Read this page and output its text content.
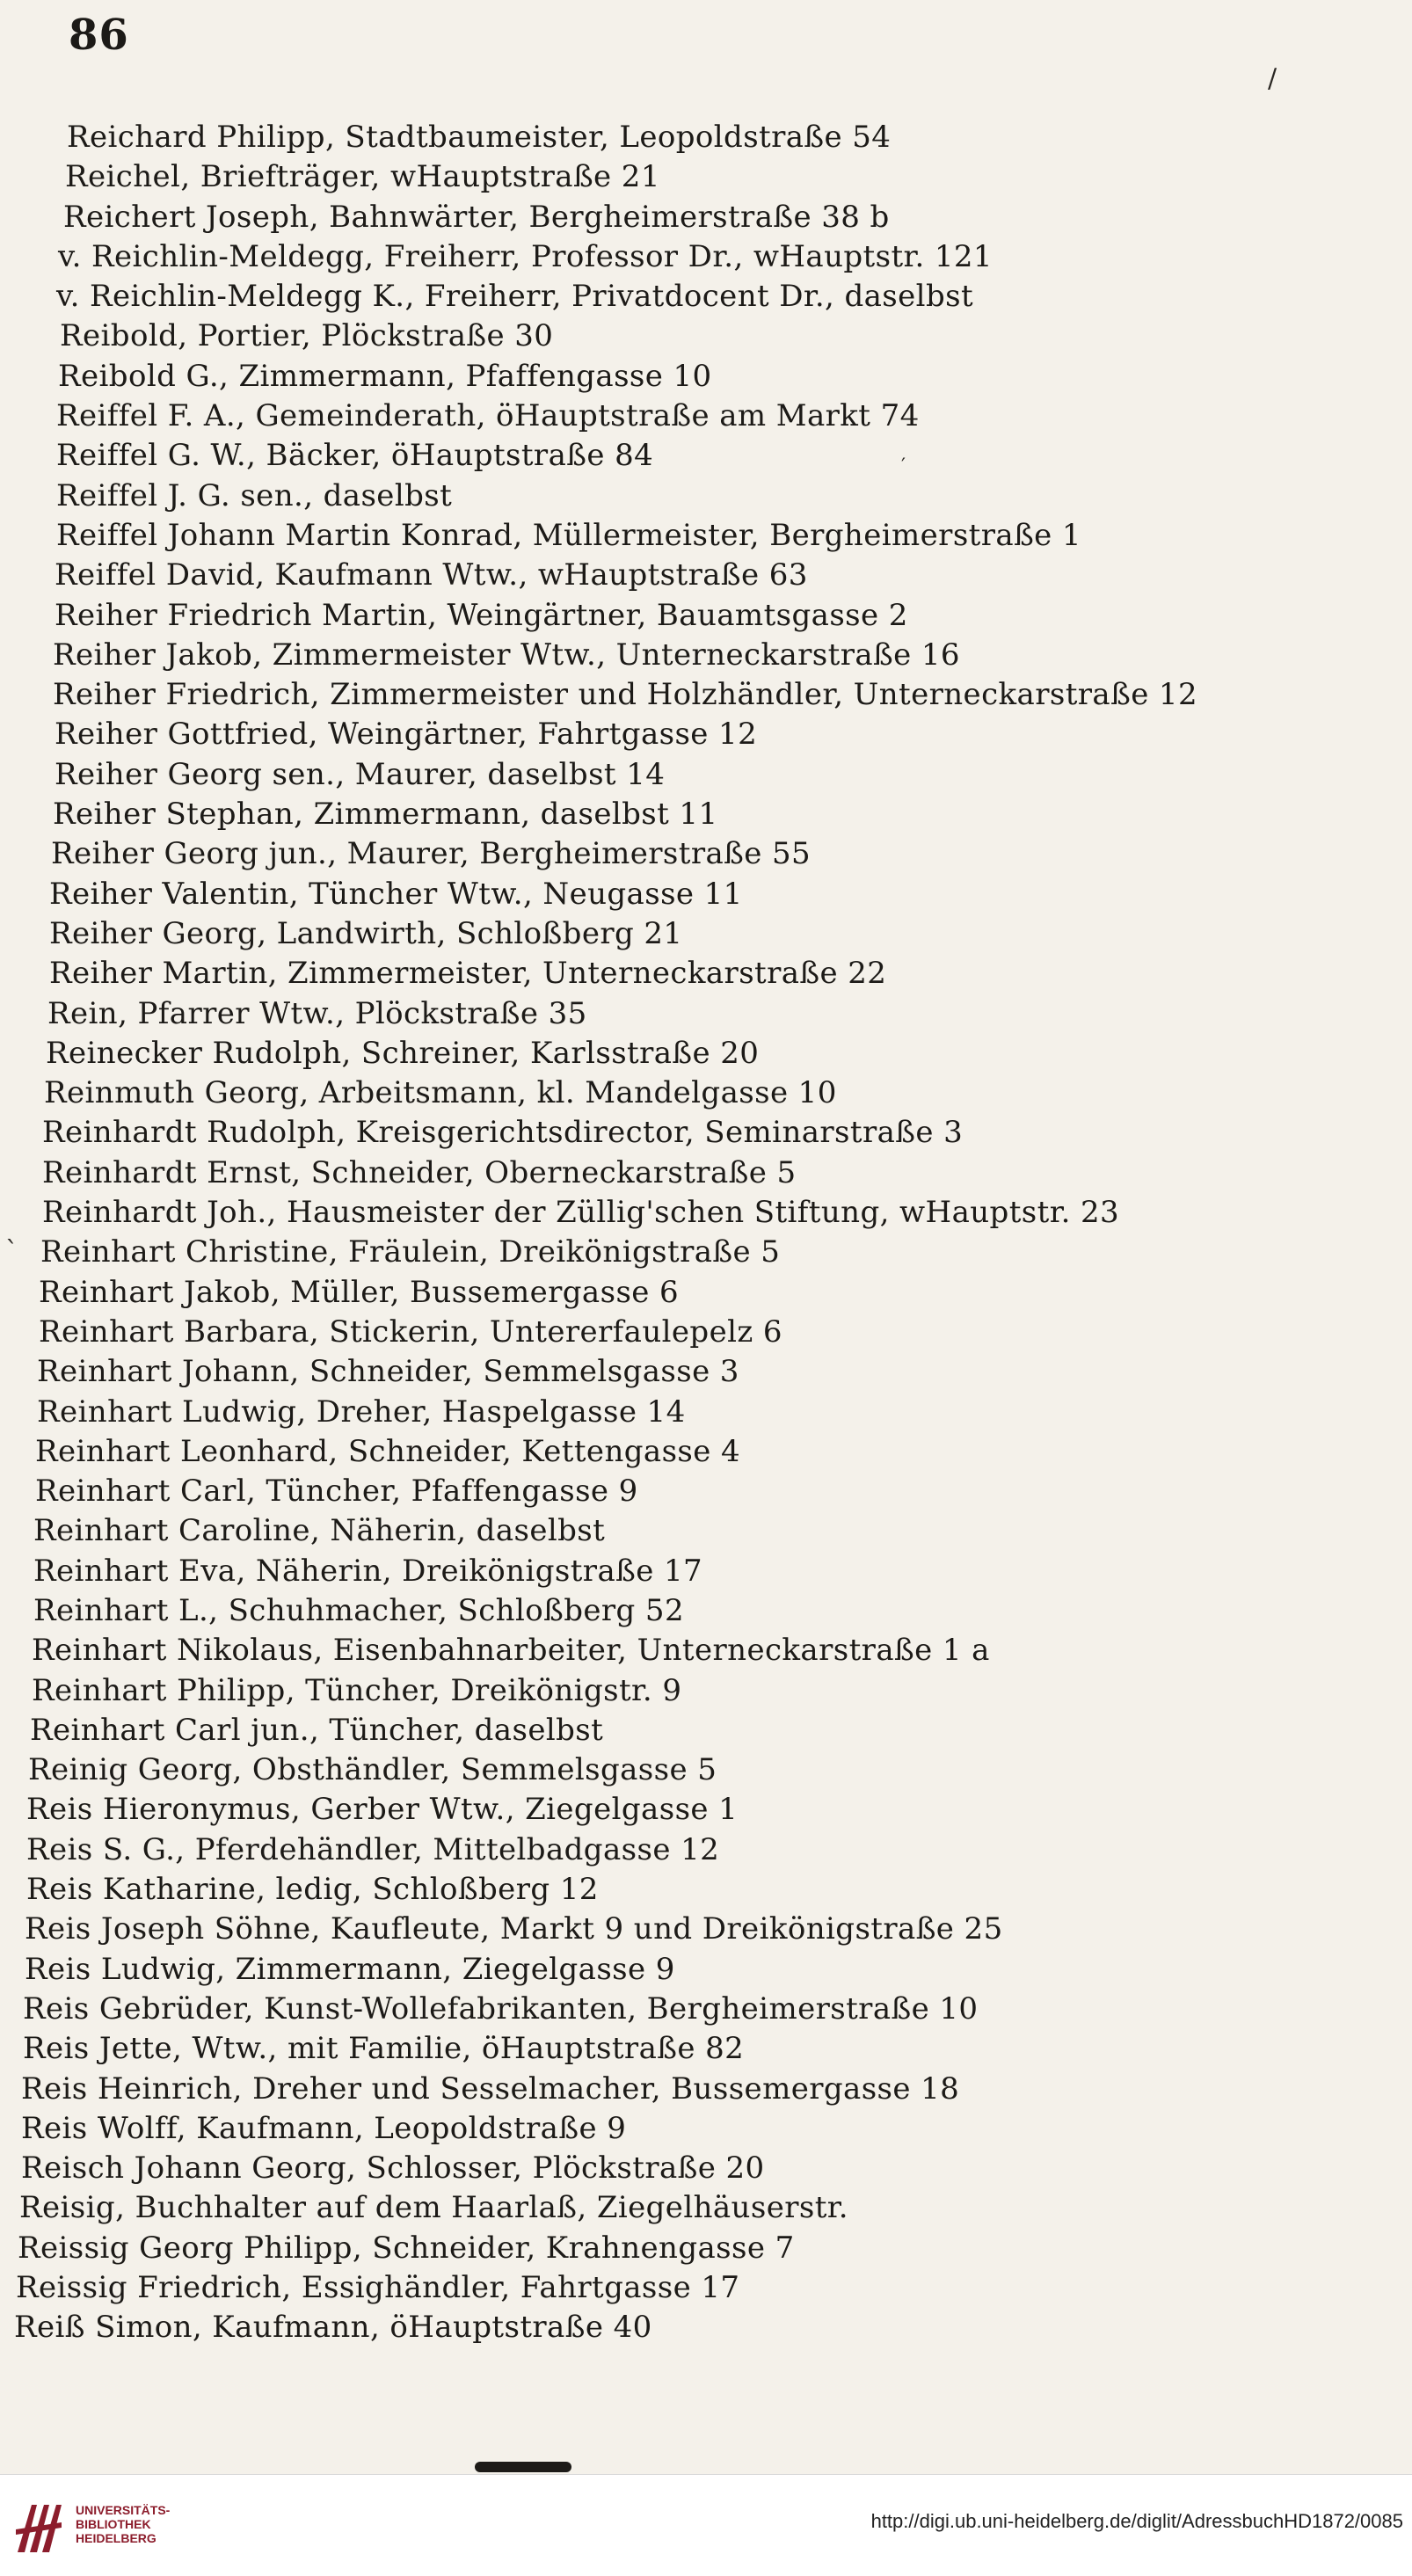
86
/
′
`
Reichard Philipp, Stadtbaumeister, Leopoldstraße 54
Reichel, Briefträger, wHauptstraße 21
Reichert Joseph, Bahnwärter, Bergheimerstraße 38 b
v. Reichlin-Meldegg, Freiherr, Professor Dr., wHauptstr. 121
v. Reichlin-Meldegg K., Freiherr, Privatdocent Dr., daselbst
Reibold, Portier, Plöckstraße 30
Reibold G., Zimmermann, Pfaffengasse 10
Reiffel F. A., Gemeinderath, öHauptstraße am Markt 74
Reiffel G. W., Bäcker, öHauptstraße 84
Reiffel J. G. sen., daselbst
Reiffel Johann Martin Konrad, Müllermeister, Bergheimerstraße 1
Reiffel David, Kaufmann Wtw., wHauptstraße 63
Reiher Friedrich Martin, Weingärtner, Bauamtsgasse 2
Reiher Jakob, Zimmermeister Wtw., Unterneckarstraße 16
Reiher Friedrich, Zimmermeister und Holzhändler, Unterneckarstraße 12
Reiher Gottfried, Weingärtner, Fahrtgasse 12
Reiher Georg sen., Maurer, daselbst 14
Reiher Stephan, Zimmermann, daselbst 11
Reiher Georg jun., Maurer, Bergheimerstraße 55
Reiher Valentin, Tüncher Wtw., Neugasse 11
Reiher Georg, Landwirth, Schloßberg 21
Reiher Martin, Zimmermeister, Unterneckarstraße 22
Rein, Pfarrer Wtw., Plöckstraße 35
Reinecker Rudolph, Schreiner, Karlsstraße 20
Reinmuth Georg, Arbeitsmann, kl. Mandelgasse 10
Reinhardt Rudolph, Kreisgerichtsdirector, Seminarstraße 3
Reinhardt Ernst, Schneider, Oberneckarstraße 5
Reinhardt Joh., Hausmeister der Züllig'schen Stiftung, wHauptstr. 23
Reinhart Christine, Fräulein, Dreikönigstraße 5
Reinhart Jakob, Müller, Bussemergasse 6
Reinhart Barbara, Stickerin, Untererfaulepelz 6
Reinhart Johann, Schneider, Semmelsgasse 3
Reinhart Ludwig, Dreher, Haspelgasse 14
Reinhart Leonhard, Schneider, Kettengasse 4
Reinhart Carl, Tüncher, Pfaffengasse 9
Reinhart Caroline, Näherin, daselbst
Reinhart Eva, Näherin, Dreikönigstraße 17
Reinhart L., Schuhmacher, Schloßberg 52
Reinhart Nikolaus, Eisenbahnarbeiter, Unterneckarstraße 1 a
Reinhart Philipp, Tüncher, Dreikönigstr. 9
Reinhart Carl jun., Tüncher, daselbst
Reinig Georg, Obsthändler, Semmelsgasse 5
Reis Hieronymus, Gerber Wtw., Ziegelgasse 1
Reis S. G., Pferdehändler, Mittelbadgasse 12
Reis Katharine, ledig, Schloßberg 12
Reis Joseph Söhne, Kaufleute, Markt 9 und Dreikönigstraße 25
Reis Ludwig, Zimmermann, Ziegelgasse 9
Reis Gebrüder, Kunst-Wollefabrikanten, Bergheimerstraße 10
Reis Jette, Wtw., mit Familie, öHauptstraße 82
Reis Heinrich, Dreher und Sesselmacher, Bussemergasse 18
Reis Wolff, Kaufmann, Leopoldstraße 9
Reisch Johann Georg, Schlosser, Plöckstraße 20
Reisig, Buchhalter auf dem Haarlaß, Ziegelhäuserstr.
Reissig Georg Philipp, Schneider, Krahnengasse 7
Reissig Friedrich, Essighändler, Fahrtgasse 17
Reiß Simon, Kaufmann, öHauptstraße 40
UNIVERSITÄTS-
BIBLIOTHEK
HEIDELBERG
http://digi.ub.uni-heidelberg.de/diglit/AdressbuchHD1872/0085
